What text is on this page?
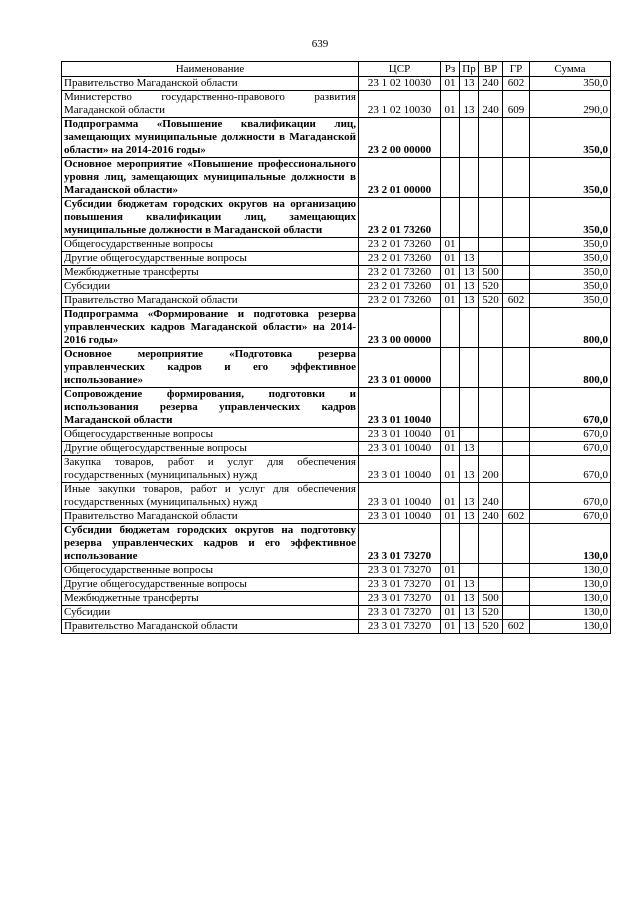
639
Наименование	ЦСР	Рз	Пр	ВР	ГР	Сумма
Правительство Магаданской области	23 1 02 10030	01	13	240	602	350,0
Министерство государственно-правового развития Магаданской области	23 1 02 10030	01	13	240	609	290,0
Подпрограмма «Повышение квалификации лиц, замещающих муниципальные должности в Магаданской области» на 2014-2016 годы»	23 2 00 00000					350,0
Основное мероприятие «Повышение профессионального уровня лиц, замещающих муниципальные должности в Магаданской области»	23 2 01 00000					350,0
Субсидии бюджетам городских округов на организацию повышения квалификации лиц, замещающих муниципальные должности в Магаданской области	23 2 01 73260					350,0
Общегосударственные вопросы	23 2 01 73260	01				350,0
Другие общегосударственные вопросы	23 2 01 73260	01	13			350,0
Межбюджетные трансферты	23 2 01 73260	01	13	500		350,0
Субсидии	23 2 01 73260	01	13	520		350,0
Правительство Магаданской области	23 2 01 73260	01	13	520	602	350,0
Подпрограмма «Формирование и подготовка резерва управленческих кадров Магаданской области» на 2014-2016 годы»	23 3 00 00000					800,0
Основное мероприятие «Подготовка резерва управленческих кадров и его эффективное использование»	23 3 01 00000					800,0
Сопровождение формирования, подготовки и использования резерва управленческих кадров Магаданской области	23 3 01 10040					670,0
Общегосударственные вопросы	23 3 01 10040	01				670,0
Другие общегосударственные вопросы	23 3 01 10040	01	13			670,0
Закупка товаров, работ и услуг для обеспечения государственных (муниципальных) нужд	23 3 01 10040	01	13	200		670,0
Иные закупки товаров, работ и услуг для обеспечения государственных (муниципальных) нужд	23 3 01 10040	01	13	240		670,0
Правительство Магаданской области	23 3 01 10040	01	13	240	602	670,0
Субсидии бюджетам городских округов на подготовку резерва управленческих кадров и его эффективное использование	23 3 01 73270					130,0
Общегосударственные вопросы	23 3 01 73270	01				130,0
Другие общегосударственные вопросы	23 3 01 73270	01	13			130,0
Межбюджетные трансферты	23 3 01 73270	01	13	500		130,0
Субсидии	23 3 01 73270	01	13	520		130,0
Правительство Магаданской области	23 3 01 73270	01	13	520	602	130,0
